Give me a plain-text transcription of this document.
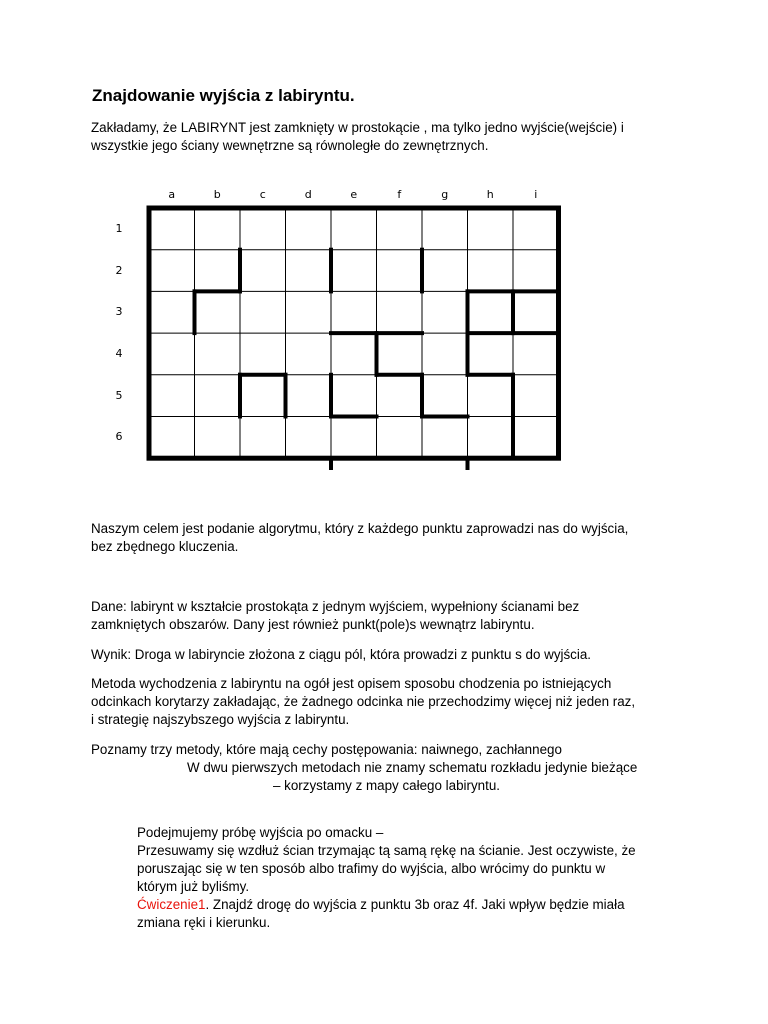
Znajdowanie wyjścia z labiryntu.
Zakładamy, że LABIRYNT jest zamknięty w prostokącie , ma tylko jedno wyjście(wejście) i
wszystkie jego ściany wewnętrzne są równoległe do zewnętrznych.
a	b	c	d	e	f	g	h	i
1
2
3
4
5
6
Naszym celem jest podanie algorytmu, który z każdego punktu zaprowadzi nas do wyjścia,
bez zbędnego kluczenia.
Dane: labirynt w kształcie prostokąta z jednym wyjściem, wypełniony ścianami bez
zamkniętych obszarów. Dany jest również punkt(pole)s wewnątrz labiryntu.
Wynik: Droga w labiryncie złożona z ciągu pól, która prowadzi z punktu s do wyjścia.
Metoda wychodzenia z labiryntu na ogół jest opisem sposobu chodzenia po istniejących
odcinkach korytarzy zakładając, że żadnego odcinka nie przechodzimy więcej niż jeden raz,
i strategię najszybszego wyjścia z labiryntu.
Poznamy trzy metody, które mają cechy postępowania: naiwnego, zachłannego
W dwu pierwszych metodach nie znamy schematu rozkładu jedynie bieżące
– korzystamy z mapy całego labiryntu.
Podejmujemy próbę wyjścia po omacku –
Przesuwamy się wzdłuż ścian trzymając tą samą rękę na ścianie. Jest oczywiste, że
poruszając się w ten sposób albo trafimy do wyjścia, albo wrócimy do punktu w
którym już byliśmy.
Ćwiczenie1. Znajdź drogę do wyjścia z punktu 3b oraz 4f. Jaki wpływ będzie miała
zmiana ręki i kierunku.
